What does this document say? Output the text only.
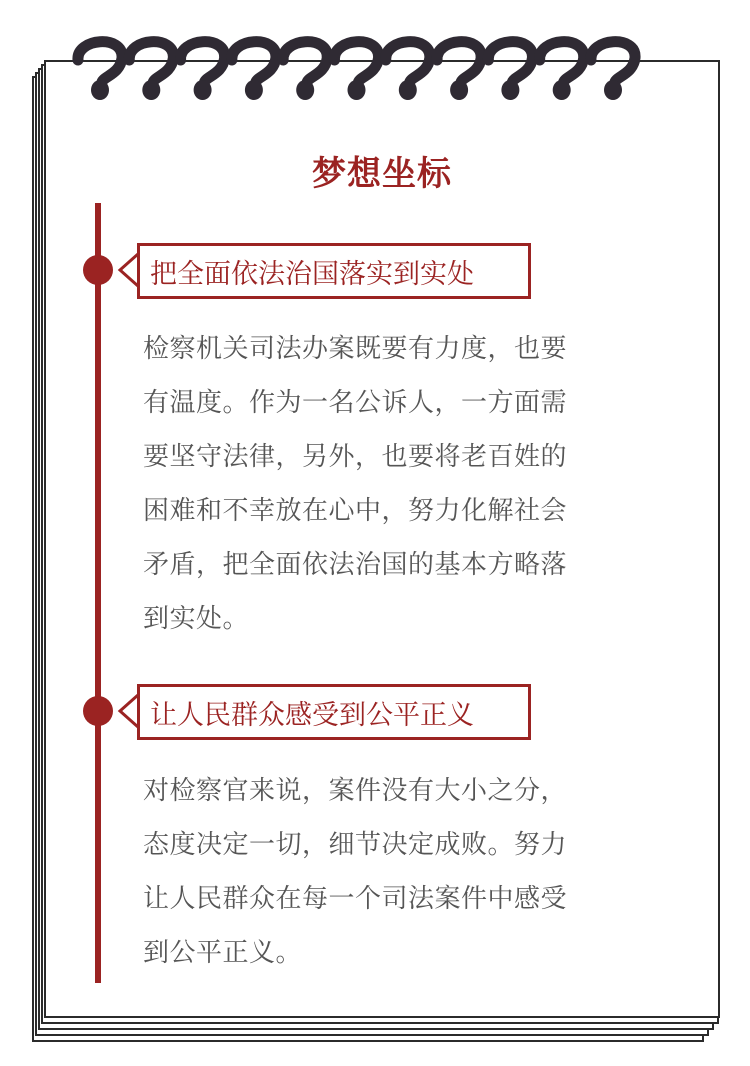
梦想坐标
把全面依法治国落实到实处
检察机关司法办案既要有力度，也要
有温度。作为一名公诉人，一方面需
要坚守法律，另外，也要将老百姓的
困难和不幸放在心中，努力化解社会
矛盾，把全面依法治国的基本方略落
到实处。
让人民群众感受到公平正义
对检察官来说，案件没有大小之分，
态度决定一切，细节决定成败。努力
让人民群众在每一个司法案件中感受
到公平正义。
